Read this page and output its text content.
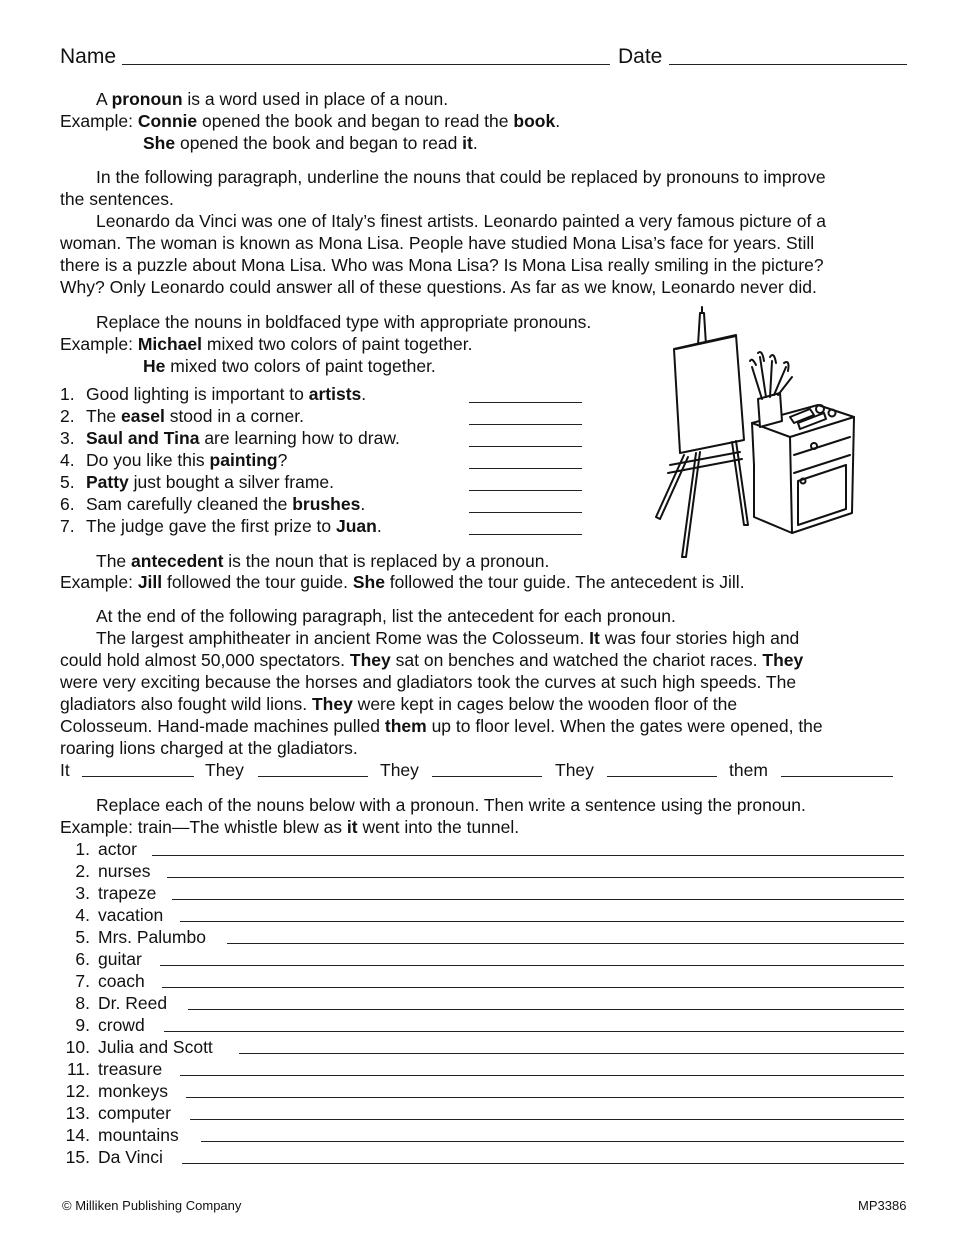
Name	Date
A pronoun is a word used in place of a noun.
Example: Connie opened the book and began to read the book.
She opened the book and began to read it.
In the following paragraph, underline the nouns that could be replaced by pronouns to improve
the sentences.
Leonardo da Vinci was one of Italy’s finest artists. Leonardo painted a very famous picture of a
woman. The woman is known as Mona Lisa. People have studied Mona Lisa’s face for years. Still
there is a puzzle about Mona Lisa. Who was Mona Lisa? Is Mona Lisa really smiling in the picture?
Why? Only Leonardo could answer all of these questions. As far as we know, Leonardo never did.
Replace the nouns in boldfaced type with appropriate pronouns.
Example: Michael mixed two colors of paint together.
He mixed two colors of paint together.
1. Good lighting is important to artists.
2. The easel stood in a corner.
3. Saul and Tina are learning how to draw.
4. Do you like this painting?
5. Patty just bought a silver frame.
6. Sam carefully cleaned the brushes.
7. The judge gave the first prize to Juan.
The antecedent is the noun that is replaced by a pronoun.
Example: Jill followed the tour guide. She followed the tour guide. The antecedent is Jill.
At the end of the following paragraph, list the antecedent for each pronoun.
The largest amphitheater in ancient Rome was the Colosseum. It was four stories high and
could hold almost 50,000 spectators. They sat on benches and watched the chariot races. They
were very exciting because the horses and gladiators took the curves at such high speeds. The
gladiators also fought wild lions. They were kept in cages below the wooden floor of the
Colosseum. Hand-made machines pulled them up to floor level. When the gates were opened, the
roaring lions charged at the gladiators.
It	They	They	They	them
Replace each of the nouns below with a pronoun. Then write a sentence using the pronoun.
Example: train—The whistle blew as it went into the tunnel.
1. actor
2. nurses
3. trapeze
4. vacation
5. Mrs. Palumbo
6. guitar
7. coach
8. Dr. Reed
9. crowd
10. Julia and Scott
11. treasure
12. monkeys
13. computer
14. mountains
15. Da Vinci
© Milliken Publishing Company	MP3386
